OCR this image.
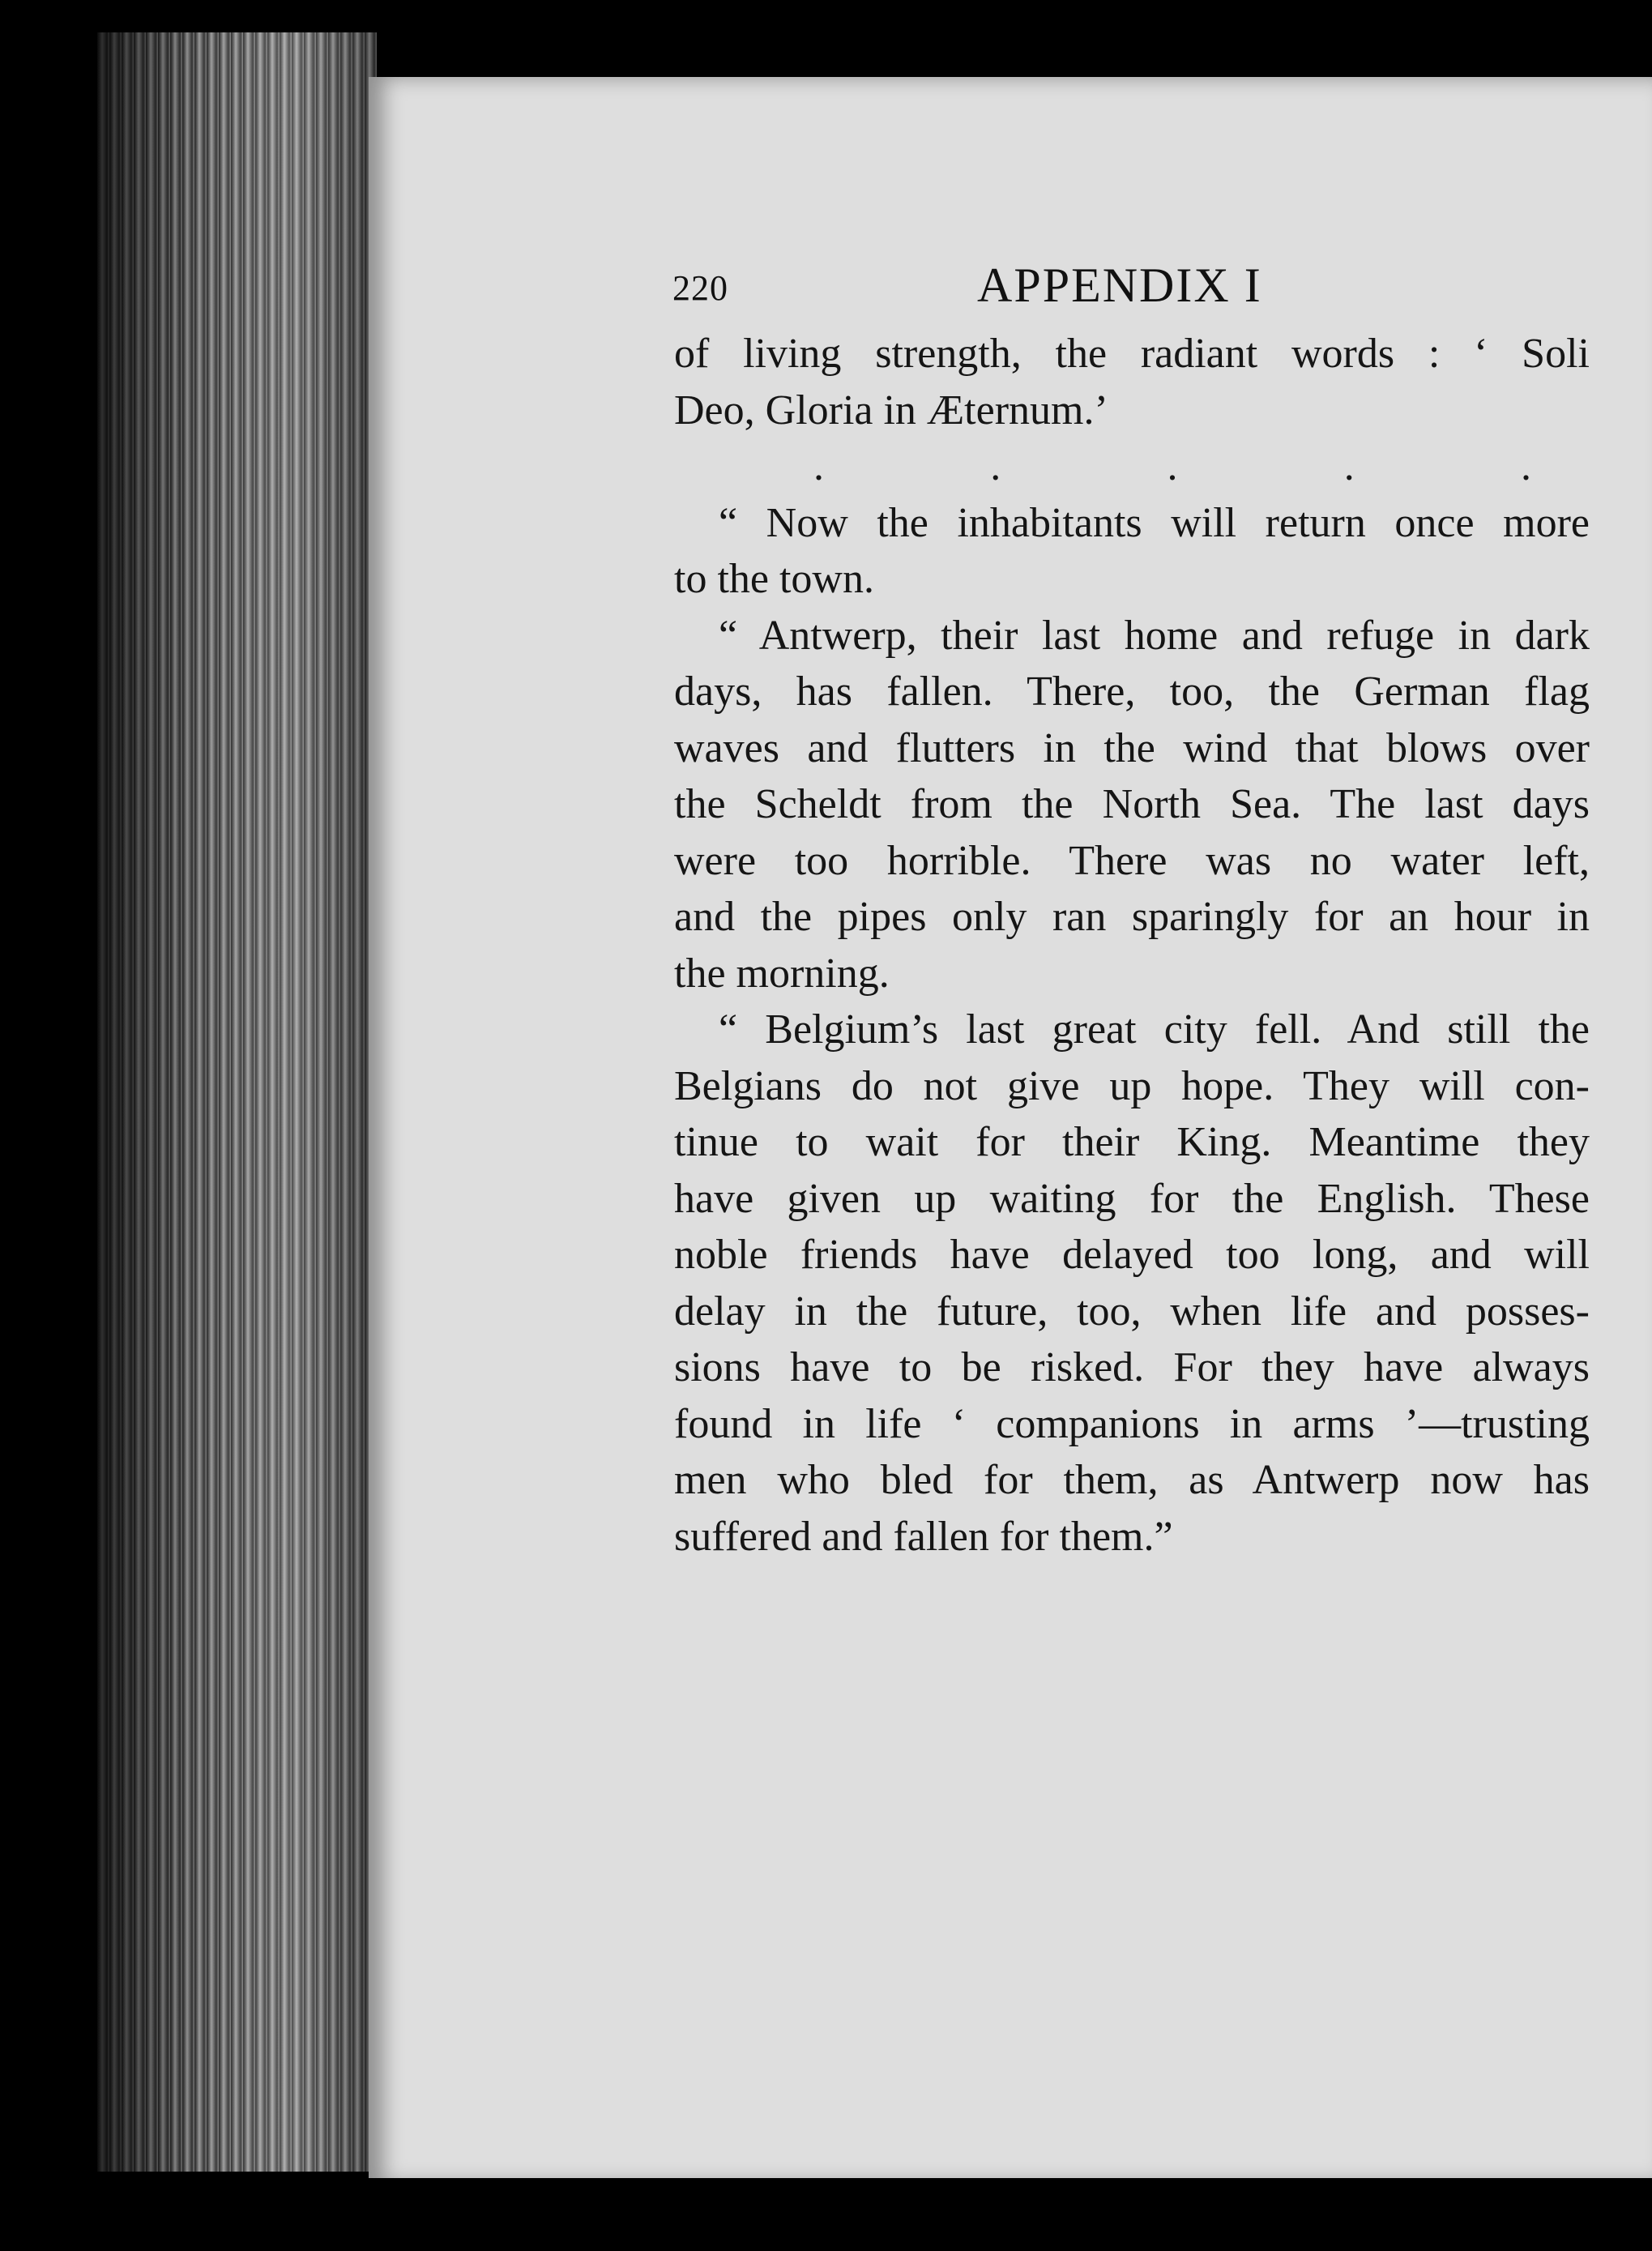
220	APPENDIX I
of living strength, the radiant words : ‘ Soli
Deo, Gloria in Æternum.’
.	.	.	.	.
“ Now the inhabitants will return once more
to the town.
“ Antwerp, their last home and refuge in dark
days, has fallen. There, too, the German flag
waves and flutters in the wind that blows over
the Scheldt from the North Sea. The last days
were too horrible. There was no water left,
and the pipes only ran sparingly for an hour in
the morning.
“ Belgium’s last great city fell. And still the
Belgians do not give up hope. They will con-
tinue to wait for their King. Meantime they
have given up waiting for the English. These
noble friends have delayed too long, and will
delay in the future, too, when life and posses-
sions have to be risked. For they have always
found in life ‘ companions in arms ’—trusting
men who bled for them, as Antwerp now has
suffered and fallen for them.”
